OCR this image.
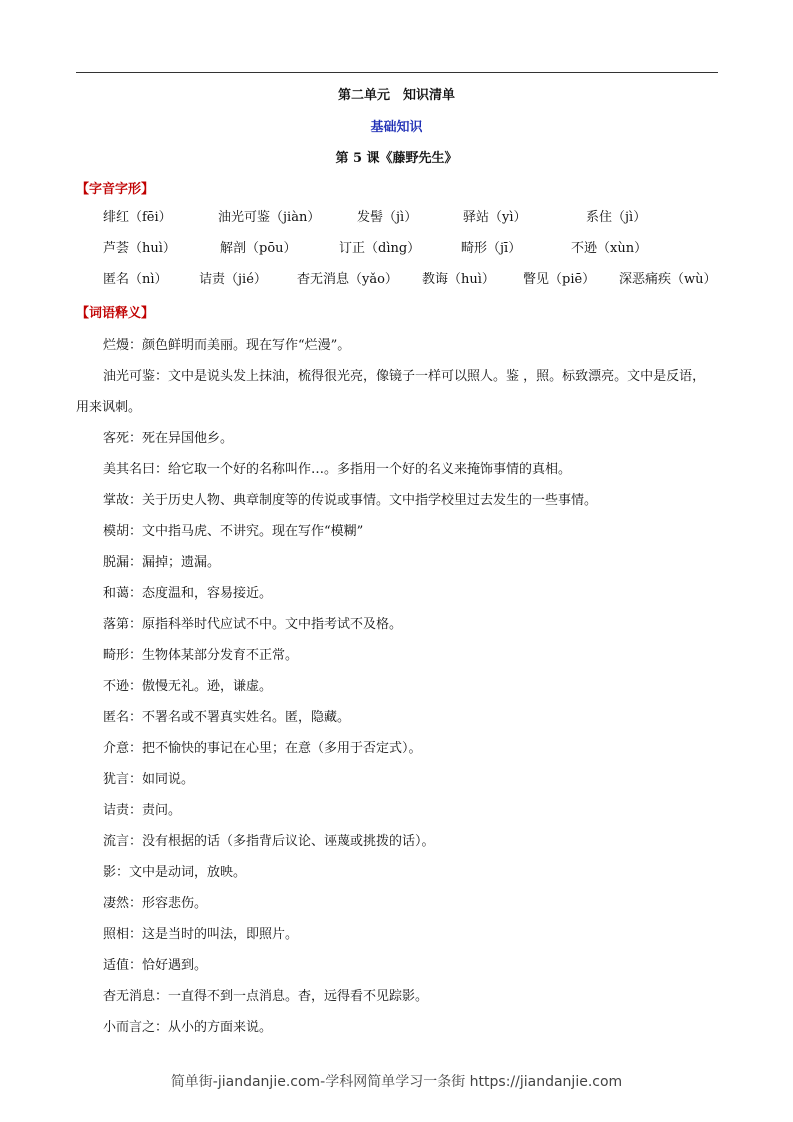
第二单元　知识清单
基础知识
第 5 课《藤野先生》
【字音字形】
绯红（fēi）	油光可鉴（jiàn）	发髻（jì）	驿站（yì）	系住（jì）
芦荟（huì）	解剖（pōu）	订正（dìng）	畸形（jī）	不逊（xùn）
匿名（nì） 诘责（jié） 杳无消息（yǎo） 教诲（huì） 瞥见（piē） 深恶痛疾（wù）
【词语释义】

烂熳：颜色鲜明而美丽。现在写作“烂漫”。

油光可鉴：文中是说头发上抹油，梳得很光亮，像镜子一样可以照人。鉴 ，照。标致漂亮。文中是反语，用来讽刺。

客死：死在异国他乡。

美其名曰：给它取一个好的名称叫作…。多指用一个好的名义来掩饰事情的真相。

掌故：关于历史人物、典章制度等的传说或事情。文中指学校里过去发生的一些事情。

模胡：文中指马虎、不讲究。现在写作“模糊”

脱漏：漏掉；遗漏。

和蔼：态度温和，容易接近。

落第：原指科举时代应试不中。文中指考试不及格。

畸形：生物体某部分发育不正常。

不逊：傲慢无礼。逊，谦虚。

匿名：不署名或不署真实姓名。匿，隐藏。

介意：把不愉快的事记在心里；在意（多用于否定式）。

犹言：如同说。

诘责：责问。

流言：没有根据的话（多指背后议论、诬蔑或挑拨的话）。

影：文中是动词，放映。

凄然：形容悲伤。

照相：这是当时的叫法，即照片。

适值：恰好遇到。

杳无消息：一直得不到一点消息。杳，远得看不见踪影。

小而言之：从小的方面来说。

简单街-jiandanjie.com-学科网简单学习一条街 https://jiandanjie.com
